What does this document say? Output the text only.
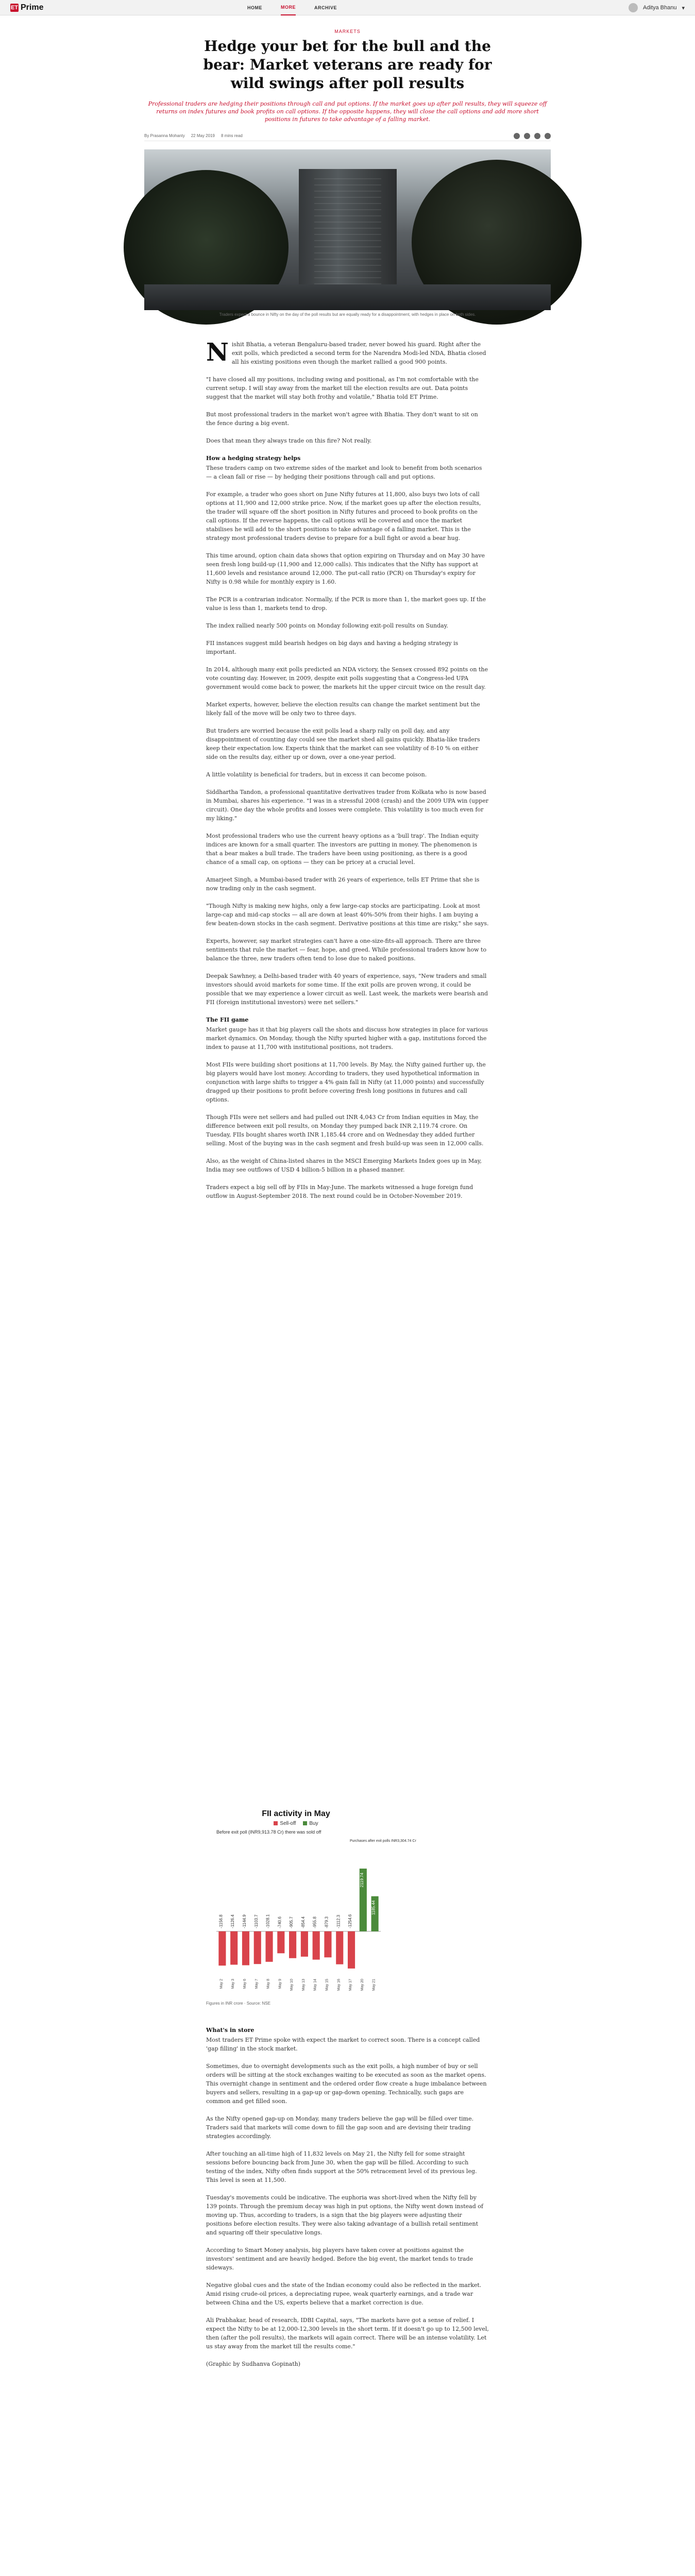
ET Prime	HOME	MORE	ARCHIVE	Aditya Bhanu ▾
MARKETS
Hedge your bet for the bull and the bear: Market veterans are ready for wild swings after poll results

Professional traders are hedging their positions through call and put options. If the market goes up after poll results, they will squeeze off returns on index futures and book profits on call options. If the opposite happens, they will close the call options and add more short positions in futures to take advantage of a falling market.

By Prasanna Mohanty 22 May 2019 8 mins read
Traders expect a bounce in Nifty on the day of the poll results but are equally ready for a disappointment, with hedges in place on both sides.

Nishit Bhatia, a veteran Bengaluru-based trader, never bowed his guard. Right after the exit polls, which predicted a second term for the Narendra Modi-led NDA, Bhatia closed all his existing positions even though the market rallied a good 900 points.

"I have closed all my positions, including swing and positional, as I'm not comfortable with the current setup. I will stay away from the market till the election results are out. Data points suggest that the market will stay both frothy and volatile," Bhatia told ET Prime.

But most professional traders in the market won't agree with Bhatia. They don't want to sit on the fence during a big event.

Does that mean they always trade on this fire? Not really.

How a hedging strategy helps

These traders camp on two extreme sides of the market and look to benefit from both scenarios — a clean fall or rise — by hedging their positions through call and put options.

For example, a trader who goes short on June Nifty futures at 11,800, also buys two lots of call options at 11,900 and 12,000 strike price. Now, if the market goes up after the election results, the trader will square off the short position in Nifty futures and proceed to book profits on the call options. If the reverse happens, the call options will be covered and once the market stabilises he will add to the short positions to take advantage of a falling market. This is the strategy most professional traders devise to prepare for a bull fight or avoid a bear hug.

This time around, option chain data shows that option expiring on Thursday and on May 30 have seen fresh long build-up (11,900 and 12,000 calls). This indicates that the Nifty has support at 11,600 levels and resistance around 12,000. The put-call ratio (PCR) on Thursday's expiry for Nifty is 0.98 while for monthly expiry is 1.60.

The PCR is a contrarian indicator. Normally, if the PCR is more than 1, the market goes up. If the value is less than 1, markets tend to drop.

The index rallied nearly 500 points on Monday following exit-poll results on Sunday.

FII instances suggest mild bearish hedges on big days and having a hedging strategy is important.

In 2014, although many exit polls predicted an NDA victory, the Sensex crossed 892 points on the vote counting day. However, in 2009, despite exit polls suggesting that a Congress-led UPA government would come back to power, the markets hit the upper circuit twice on the result day.

Market experts, however, believe the election results can change the market sentiment but the likely fall of the move will be only two to three days.

But traders are worried because the exit polls lead a sharp rally on poll day, and any disappointment of counting day could see the market shed all gains quickly. Bhatia-like traders keep their expectation low. Experts think that the market can see volatility of 8-10 % on either side on the results day, either up or down, over a one-year period.

A little volatility is beneficial for traders, but in excess it can become poison.

Siddhartha Tandon, a professional quantitative derivatives trader from Kolkata who is now based in Mumbai, shares his experience. "I was in a stressful 2008 (crash) and the 2009 UPA win (upper circuit). One day the whole profits and losses were complete. This volatility is too much even for my liking."

Most professional traders who use the current heavy options as a 'bull trap'. The Indian equity indices are known for a small quarter. The investors are putting in money. The phenomenon is that a bear makes a bull trade. The traders have been using positioning, as there is a good chance of a small cap, on options — they can be pricey at a crucial level.

Amarjeet Singh, a Mumbai-based trader with 26 years of experience, tells ET Prime that she is now trading only in the cash segment.

"Though Nifty is making new highs, only a few large-cap stocks are participating. Look at most large-cap and mid-cap stocks — all are down at least 40%-50% from their highs. I am buying a few beaten-down stocks in the cash segment. Derivative positions at this time are risky," she says.

Experts, however, say market strategies can't have a one-size-fits-all approach. There are three sentiments that rule the market — fear, hope, and greed. While professional traders know how to balance the three, new traders often tend to lose due to naked positions.

Deepak Sawhney, a Delhi-based trader with 40 years of experience, says, "New traders and small investors should avoid markets for some time. If the exit polls are proven wrong, it could be possible that we may experience a lower circuit as well. Last week, the markets were bearish and FII (foreign institutional investors) were net sellers."

The FII game

Market gauge has it that big players call the shots and discuss how strategies in place for various market dynamics. On Monday, though the Nifty spurted higher with a gap, institutions forced the index to pause at 11,700 with institutional positions, not traders.

Most FIIs were building short positions at 11,700 levels. By May, the Nifty gained further up, the big players would have lost money. According to traders, they used hypothetical information in conjunction with large shifts to trigger a 4% gain fall in Nifty (at 11,000 points) and successfully dragged up their positions to profit before covering fresh long positions in futures and call options.

Though FIIs were net sellers and had pulled out INR 4,043 Cr from Indian equities in May, the difference between exit poll results, on Monday they pumped back INR 2,119.74 crore. On Tuesday, FIIs bought shares worth INR 1,185.44 crore and on Wednesday they added further selling. Most of the buying was in the cash segment and fresh build-up was seen in 12,000 calls.

Also, as the weight of China-listed shares in the MSCI Emerging Markets Index goes up in May, India may see outflows of USD 4 billion-5 billion in a phased manner.

Traders expect a big sell off by FIIs in May-June. The markets witnessed a huge foreign fund outflow in August-September 2018. The next round could be in October-November 2019.

FII activity in May
Sell-off	Buy
Before exit poll (INR9,913.78 Cr) there was sold off
Purchases after exit polls INR3,304.74 Cr
-1156.8
May 2
-1126.4
May 3
-1144.9
May 6
-1103.7
May 7
-1028.1
May 8
-740.6
May 9
-905.7
May 10
-854.4
May 13
-955.8
May 14
-879.3
May 15
-1112.3
May 16
-1254.6
May 17
2119.74
May 20
1185.44
May 21
Figures in INR crore · Source: NSE
What's in store

Most traders ET Prime spoke with expect the market to correct soon. There is a concept called 'gap filling' in the stock market.

Sometimes, due to overnight developments such as the exit polls, a high number of buy or sell orders will be sitting at the stock exchanges waiting to be executed as soon as the market opens. This overnight change in sentiment and the ordered order flow create a huge imbalance between buyers and sellers, resulting in a gap-up or gap-down opening. Technically, such gaps are common and get filled soon.

As the Nifty opened gap-up on Monday, many traders believe the gap will be filled over time. Traders said that markets will come down to fill the gap soon and are devising their trading strategies accordingly.

After touching an all-time high of 11,832 levels on May 21, the Nifty fell for some straight sessions before bouncing back from June 30, when the gap will be filled. According to such testing of the index, Nifty often finds support at the 50% retracement level of its previous leg. This level is seen at 11,500.

Tuesday's movements could be indicative. The euphoria was short-lived when the Nifty fell by 139 points. Through the premium decay was high in put options, the Nifty went down instead of moving up. Thus, according to traders, is a sign that the big players were adjusting their positions before election results. They were also taking advantage of a bullish retail sentiment and squaring off their speculative longs.

According to Smart Money analysis, big players have taken cover at positions against the investors' sentiment and are heavily hedged. Before the big event, the market tends to trade sideways.

Negative global cues and the state of the Indian economy could also be reflected in the market. Amid rising crude-oil prices, a depreciating rupee, weak quarterly earnings, and a trade war between China and the US, experts believe that a market correction is due.

Ali Prabhakar, head of research, IDBI Capital, says, "The markets have got a sense of relief. I expect the Nifty to be at 12,000-12,300 levels in the short term. If it doesn't go up to 12,500 level, then (after the poll results), the markets will again correct. There will be an intense volatility. Let us stay away from the market till the results come."

(Graphic by Sudhanva Gopinath)
